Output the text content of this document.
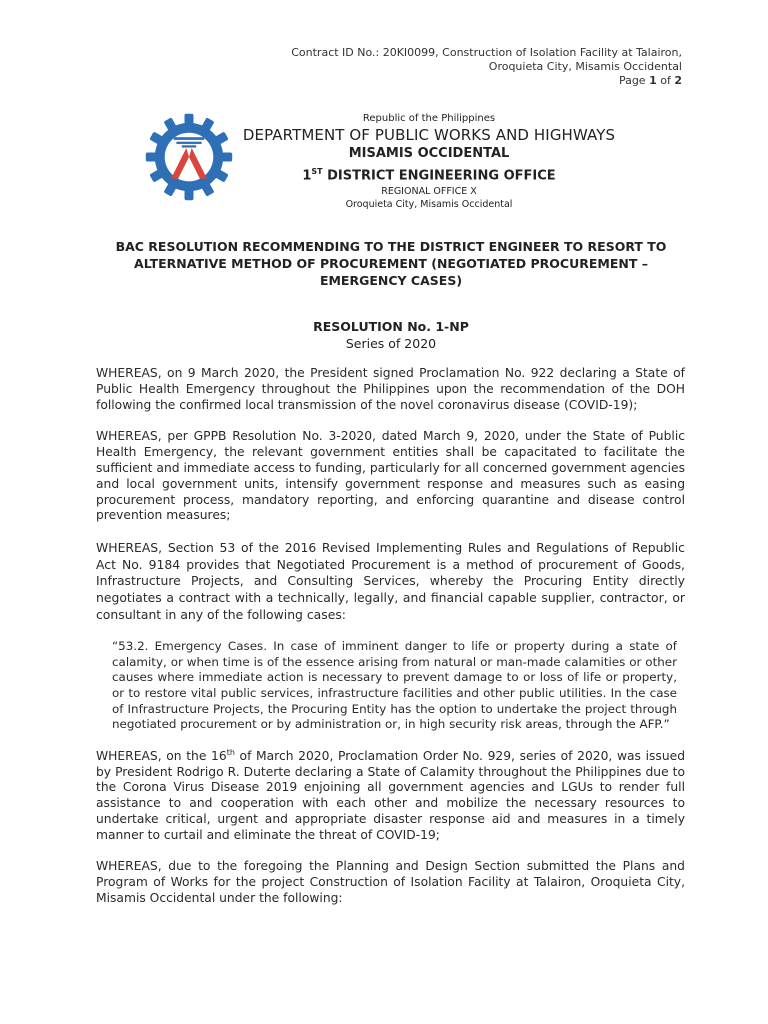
Contract ID No.: 20KI0099, Construction of Isolation Facility at Talairon,
Oroquieta City, Misamis Occidental
Page 1 of 2
Republic of the Philippines
DEPARTMENT OF PUBLIC WORKS AND HIGHWAYS
MISAMIS OCCIDENTAL
1ST DISTRICT ENGINEERING OFFICE
REGIONAL OFFICE X
Oroquieta City, Misamis Occidental
BAC RESOLUTION RECOMMENDING TO THE DISTRICT ENGINEER TO RESORT TO ALTERNATIVE METHOD OF PROCUREMENT (NEGOTIATED PROCUREMENT – EMERGENCY CASES)
RESOLUTION No. 1-NP
Series of 2020

WHEREAS, on 9 March 2020, the President signed Proclamation No. 922 declaring a State of Public Health Emergency throughout the Philippines upon the recommendation of the DOH following the confirmed local transmission of the novel coronavirus disease (COVID-19);

WHEREAS, per GPPB Resolution No. 3-2020, dated March 9, 2020, under the State of Public Health Emergency, the relevant government entities shall be capacitated to facilitate the sufficient and immediate access to funding, particularly for all concerned government agencies and local government units, intensify government response and measures such as easing procurement process, mandatory reporting, and enforcing quarantine and disease control prevention measures;

WHEREAS, Section 53 of the 2016 Revised Implementing Rules and Regulations of Republic Act No. 9184 provides that Negotiated Procurement is a method of procurement of Goods, Infrastructure Projects, and Consulting Services, whereby the Procuring Entity directly negotiates a contract with a technically, legally, and financial capable supplier, contractor, or consultant in any of the following cases:

“53.2. Emergency Cases. In case of imminent danger to life or property during a state of calamity, or when time is of the essence arising from natural or man-made calamities or other causes where immediate action is necessary to prevent damage to or loss of life or property, or to restore vital public services, infrastructure facilities and other public utilities. In the case of Infrastructure Projects, the Procuring Entity has the option to undertake the project through negotiated procurement or by administration or, in high security risk areas, through the AFP.”

WHEREAS, on the 16th of March 2020, Proclamation Order No. 929, series of 2020, was issued by President Rodrigo R. Duterte declaring a State of Calamity throughout the Philippines due to the Corona Virus Disease 2019 enjoining all government agencies and LGUs to render full assistance to and cooperation with each other and mobilize the necessary resources to undertake critical, urgent and appropriate disaster response aid and measures in a timely manner to curtail and eliminate the threat of COVID-19;

WHEREAS, due to the foregoing the Planning and Design Section submitted the Plans and Program of Works for the project Construction of Isolation Facility at Talairon, Oroquieta City, Misamis Occidental under the following:
